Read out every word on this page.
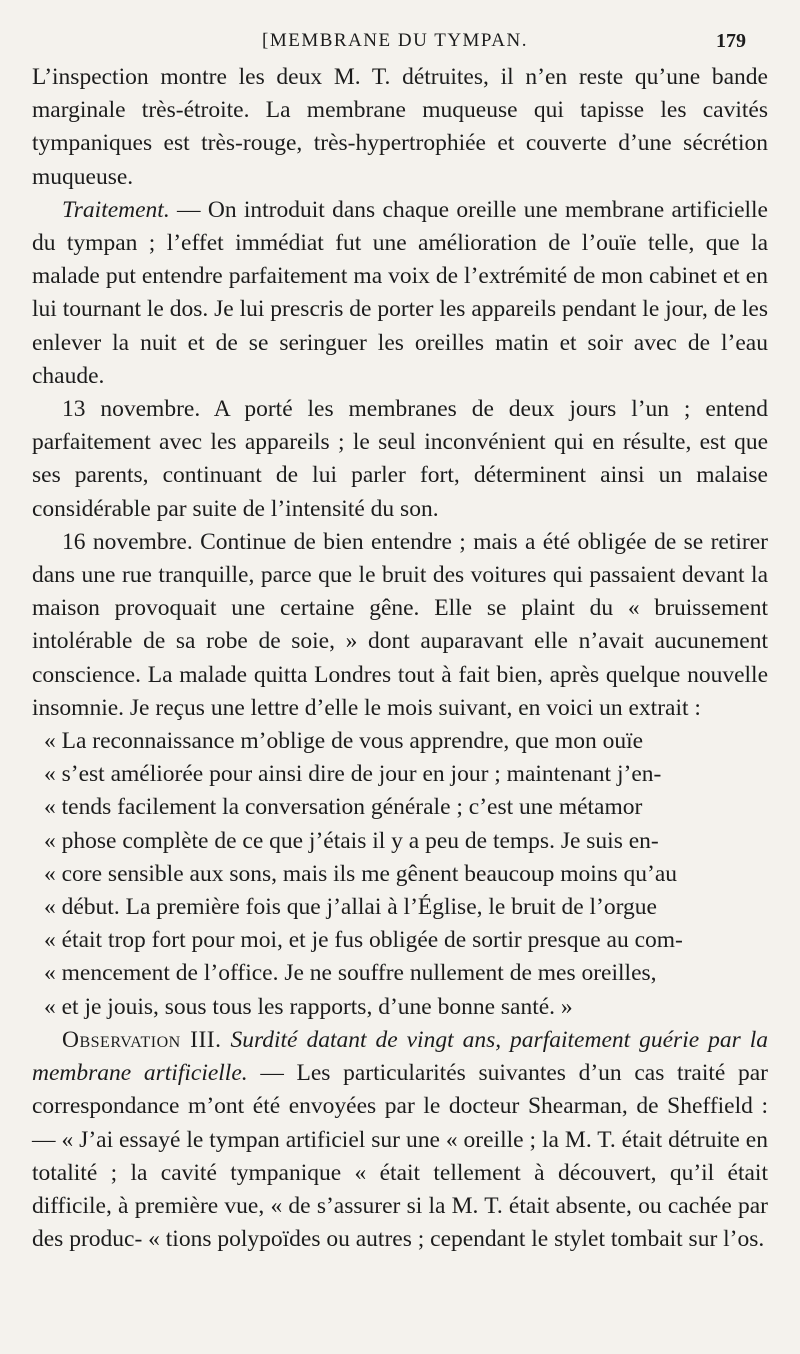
[MEMBRANE DU TYMPAN.	179

L’inspection montre les deux M. T. détruites, il n’en reste qu’une bande marginale très-étroite. La membrane muqueuse qui tapisse les cavités tympaniques est très-rouge, très-hypertrophiée et couverte d’une sécrétion muqueuse.

Traitement. — On introduit dans chaque oreille une membrane artificielle du tympan ; l’effet immédiat fut une amélioration de l’ouïe telle, que la malade put entendre parfaitement ma voix de l’extrémité de mon cabinet et en lui tournant le dos. Je lui prescris de porter les appareils pendant le jour, de les enlever la nuit et de se seringuer les oreilles matin et soir avec de l’eau chaude.

13 novembre. A porté les membranes de deux jours l’un ; entend parfaitement avec les appareils ; le seul inconvénient qui en résulte, est que ses parents, continuant de lui parler fort, déterminent ainsi un malaise considérable par suite de l’intensité du son.

16 novembre. Continue de bien entendre ; mais a été obligée de se retirer dans une rue tranquille, parce que le bruit des voitures qui passaient devant la maison provoquait une certaine gêne. Elle se plaint du « bruissement intolérable de sa robe de soie, » dont auparavant elle n’avait aucunement conscience. La malade quitta Londres tout à fait bien, après quelque nouvelle insomnie. Je reçus une lettre d’elle le mois suivant, en voici un extrait :

« La reconnaissance m’oblige de vous apprendre, que mon ouïe
« s’est améliorée pour ainsi dire de jour en jour ; maintenant j’en-
« tends facilement la conversation générale ; c’est une métamor
« phose complète de ce que j’étais il y a peu de temps. Je suis en-
« core sensible aux sons, mais ils me gênent beaucoup moins qu’au
« début. La première fois que j’allai à l’Église, le bruit de l’orgue
« était trop fort pour moi, et je fus obligée de sortir presque au com-
« mencement de l’office. Je ne souffre nullement de mes oreilles,
« et je jouis, sous tous les rapports, d’une bonne santé. »

Observation III. Surdité datant de vingt ans, parfaitement guérie par la membrane artificielle. — Les particularités suivantes d’un cas traité par correspondance m’ont été envoyées par le docteur Shearman, de Sheffield : — « J’ai essayé le tympan artificiel sur une « oreille ; la M. T. était détruite en totalité ; la cavité tympanique « était tellement à découvert, qu’il était difficile, à première vue, « de s’assurer si la M. T. était absente, ou cachée par des produc- « tions polypoïdes ou autres ; cependant le stylet tombait sur l’os.
